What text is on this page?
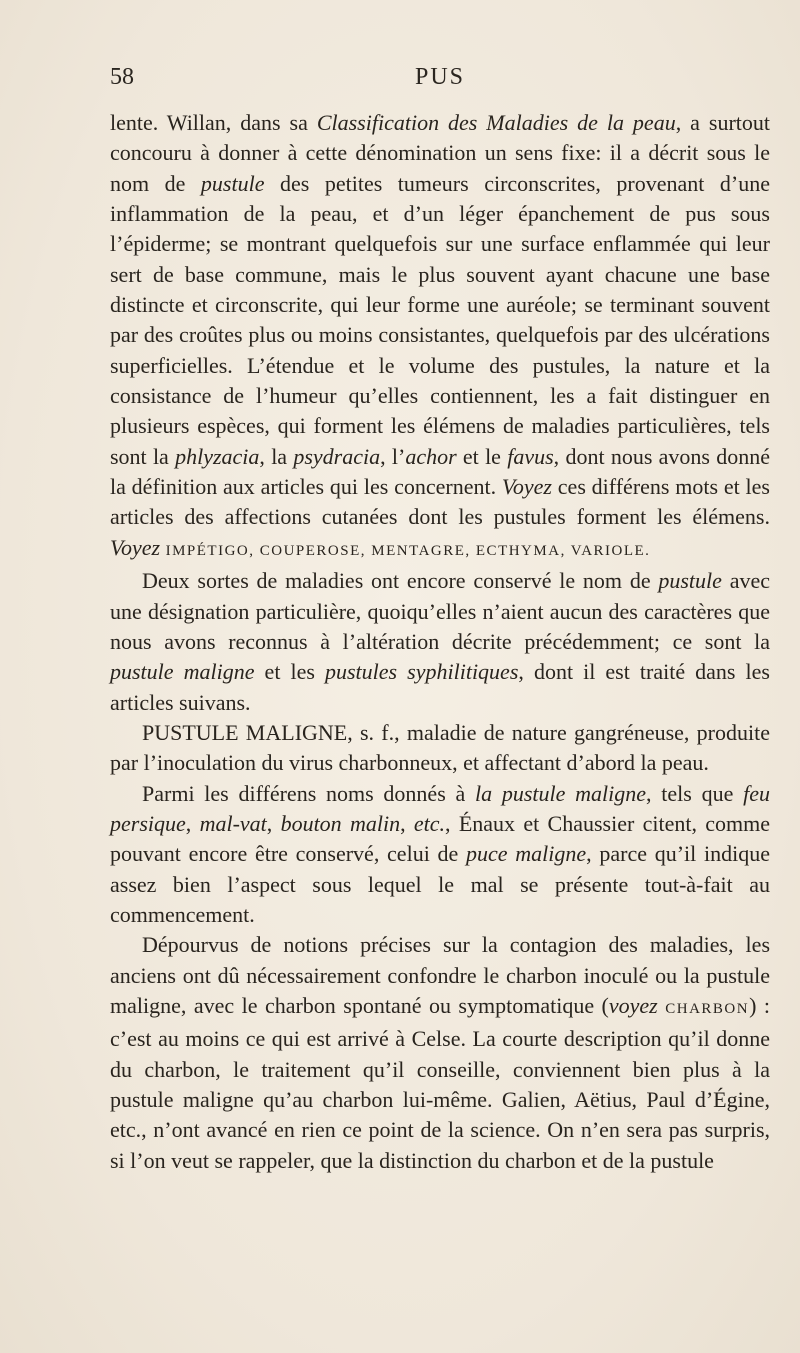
58	PUS

lente. Willan, dans sa Classification des Maladies de la peau, a surtout concouru à donner à cette dénomination un sens fixe: il a décrit sous le nom de pustule des petites tumeurs circonscrites, provenant d’une inflammation de la peau, et d’un léger épanchement de pus sous l’épiderme; se montrant quelquefois sur une surface enflammée qui leur sert de base commune, mais le plus souvent ayant chacune une base distincte et circonscrite, qui leur forme une auréole; se terminant souvent par des croûtes plus ou moins consistantes, quelquefois par des ulcérations superficielles. L’étendue et le volume des pustules, la nature et la consistance de l’humeur qu’elles contiennent, les a fait distinguer en plusieurs espèces, qui forment les élémens de maladies particulières, tels sont la phlyzacia, la psydracia, l’achor et le favus, dont nous avons donné la définition aux articles qui les concernent. Voyez ces différens mots et les articles des affections cutanées dont les pustules forment les élémens. Voyez IMPÉTIGO, COUPEROSE, MENTAGRE, ECTHYMA, VARIOLE.

Deux sortes de maladies ont encore conservé le nom de pustule avec une désignation particulière, quoiqu’elles n’aient aucun des caractères que nous avons reconnus à l’altération décrite précédemment; ce sont la pustule maligne et les pustules syphilitiques, dont il est traité dans les articles suivans.

PUSTULE MALIGNE, s. f., maladie de nature gangréneuse, produite par l’inoculation du virus charbonneux, et affectant d’abord la peau.

Parmi les différens noms donnés à la pustule maligne, tels que feu persique, mal-vat, bouton malin, etc., Énaux et Chaussier citent, comme pouvant encore être conservé, celui de puce maligne, parce qu’il indique assez bien l’aspect sous lequel le mal se présente tout-à-fait au commencement.

Dépourvus de notions précises sur la contagion des maladies, les anciens ont dû nécessairement confondre le charbon inoculé ou la pustule maligne, avec le charbon spontané ou symptomatique (voyez CHARBON) : c’est au moins ce qui est arrivé à Celse. La courte description qu’il donne du charbon, le traitement qu’il conseille, conviennent bien plus à la pustule maligne qu’au charbon lui-même. Galien, Aëtius, Paul d’Égine, etc., n’ont avancé en rien ce point de la science. On n’en sera pas surpris, si l’on veut se rappeler, que la distinction du charbon et de la pustule
